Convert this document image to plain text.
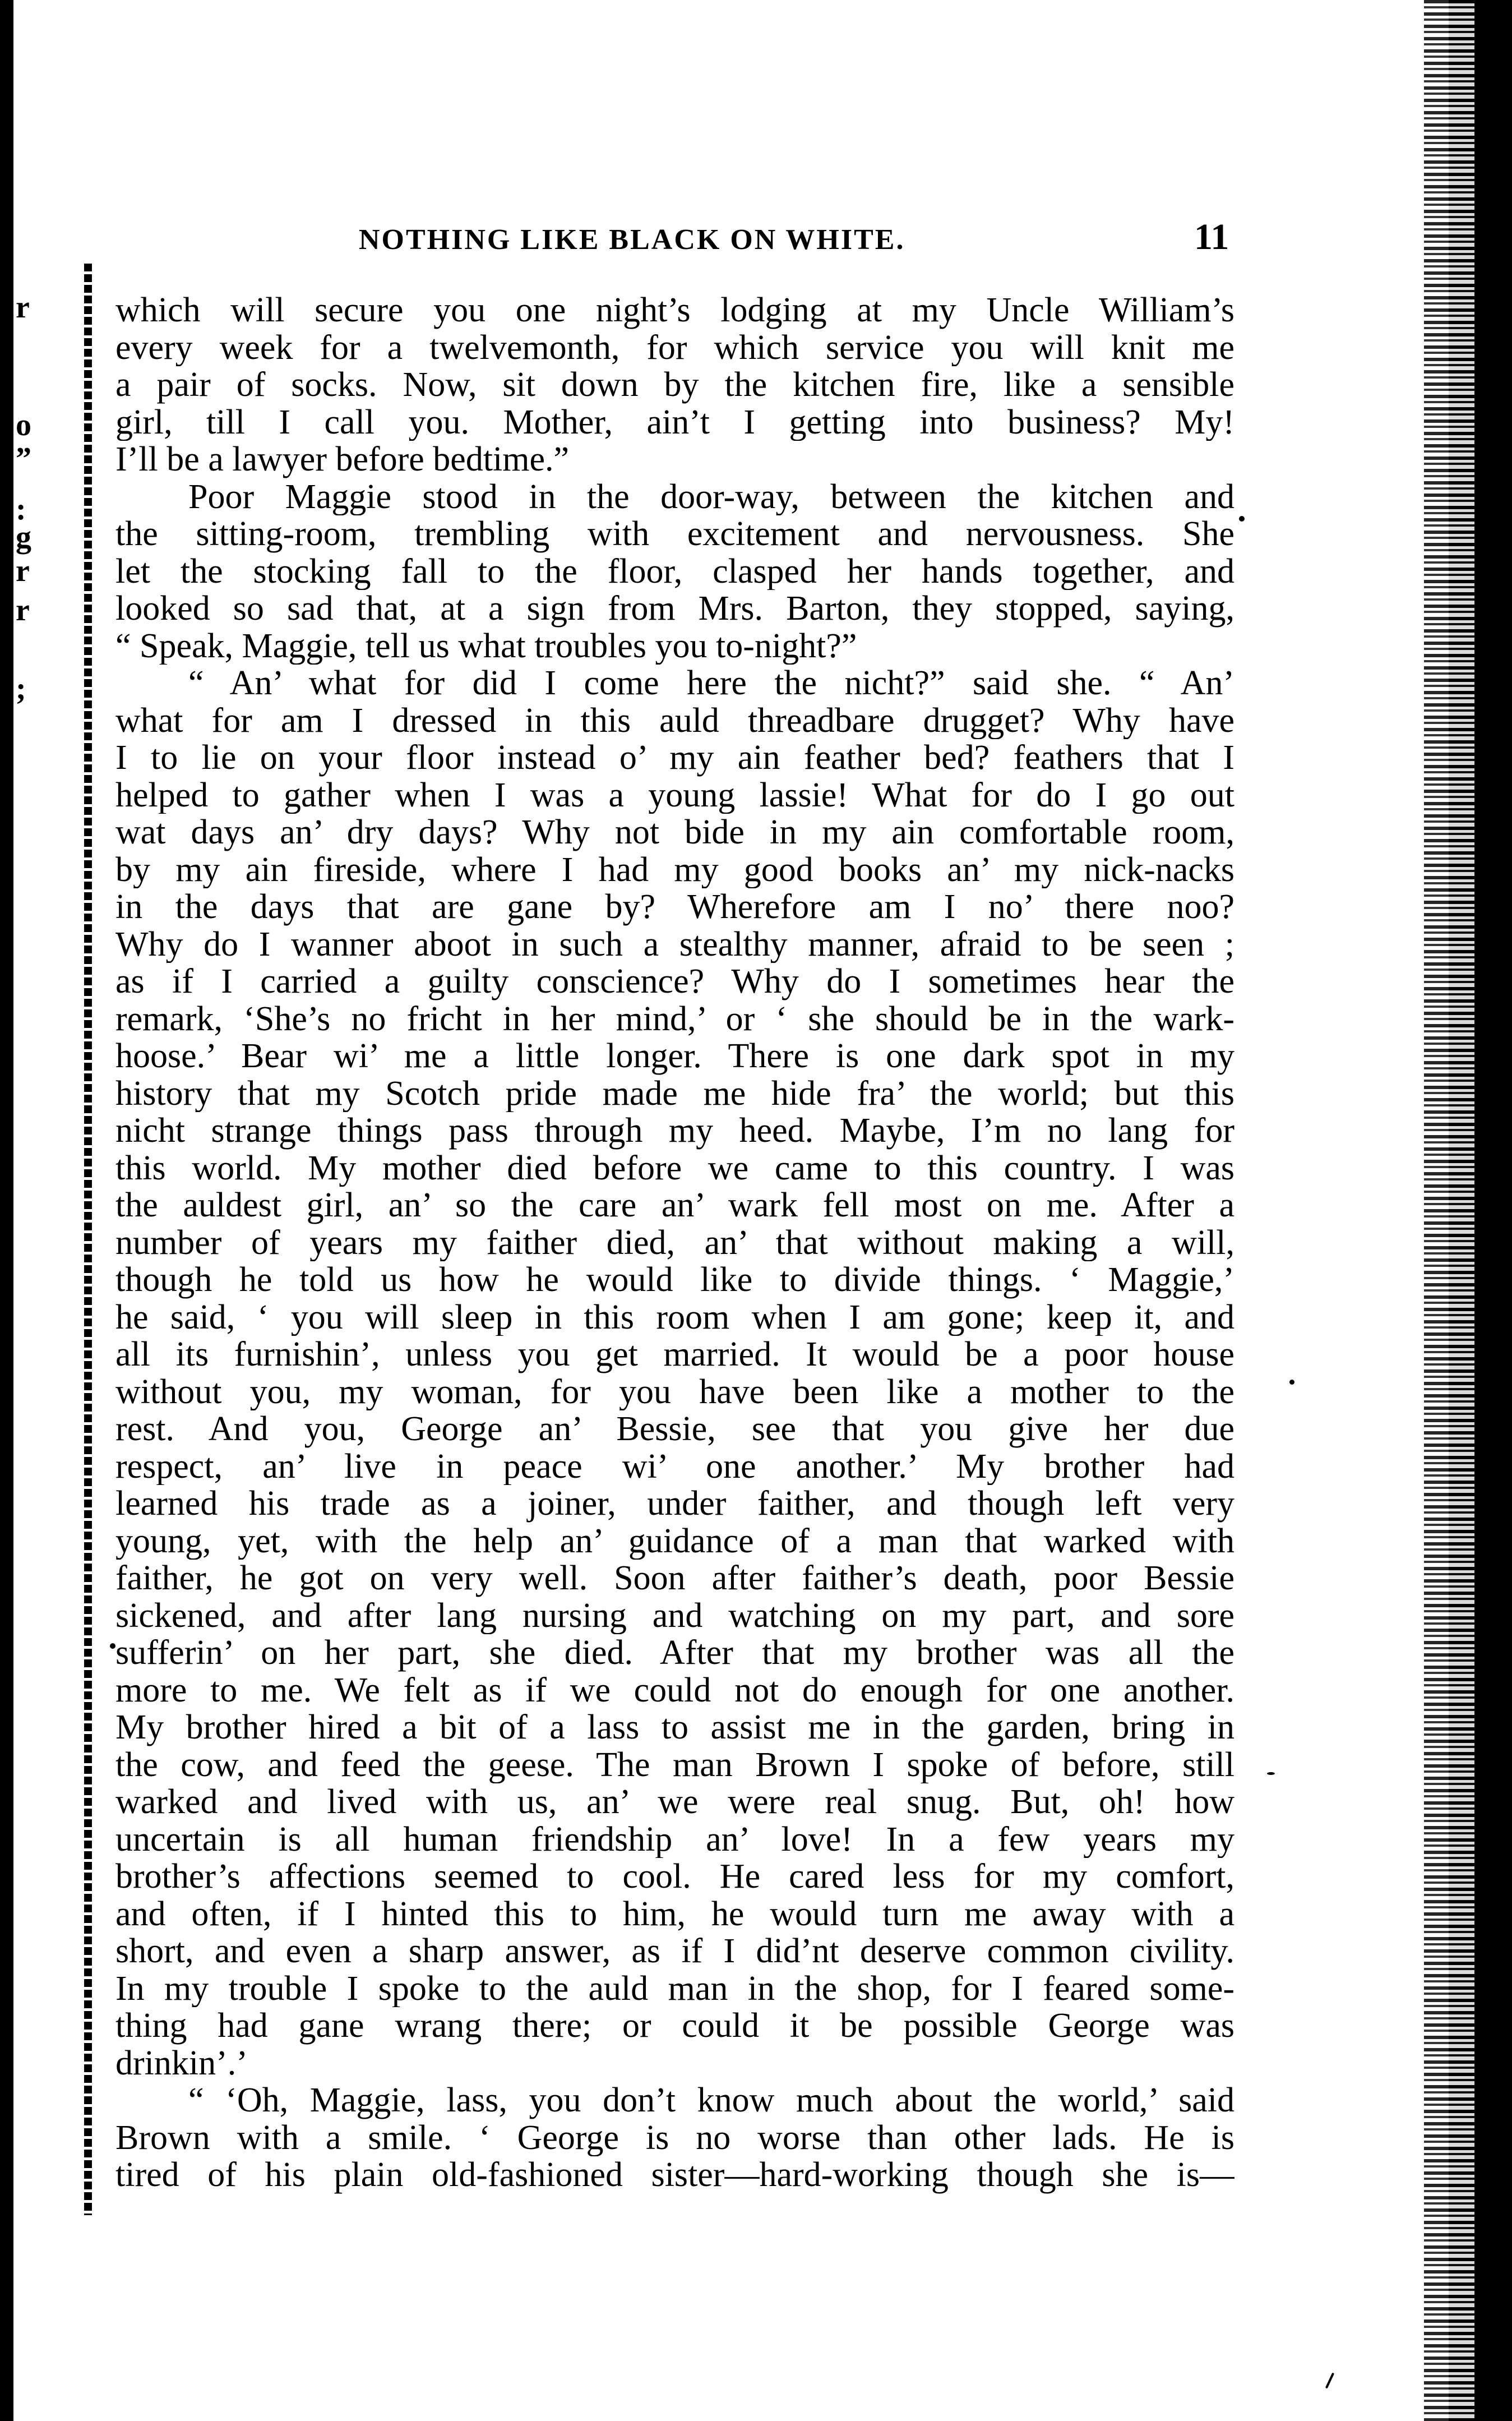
r
o
”
:
g
r
r
;
NOTHING LIKE BLACK ON WHITE.	11
which will secure you one night’s lodging at my Uncle William’s
every week for a twelvemonth, for which service you will knit me
a pair of socks. Now, sit down by the kitchen fire, like a sensible
girl, till I call you. Mother, ain’t I getting into business? My!
I’ll be a lawyer before bedtime.”
Poor Maggie stood in the door-way, between the kitchen and
the sitting-room, trembling with excitement and nervousness. She
let the stocking fall to the floor, clasped her hands together, and
looked so sad that, at a sign from Mrs. Barton, they stopped, saying,
“ Speak, Maggie, tell us what troubles you to-night?”
“ An’ what for did I come here the nicht?” said she. “ An’
what for am I dressed in this auld threadbare drugget? Why have
I to lie on your floor instead o’ my ain feather bed? feathers that I
helped to gather when I was a young lassie! What for do I go out
wat days an’ dry days? Why not bide in my ain comfortable room,
by my ain fireside, where I had my good books an’ my nick-nacks
in the days that are gane by? Wherefore am I no’ there noo?
Why do I wanner aboot in such a stealthy manner, afraid to be seen ;
as if I carried a guilty conscience? Why do I sometimes hear the
remark, ‘She’s no fricht in her mind,’ or ‘ she should be in the wark-
hoose.’ Bear wi’ me a little longer. There is one dark spot in my
history that my Scotch pride made me hide fra’ the world; but this
nicht strange things pass through my heed. Maybe, I’m no lang for
this world. My mother died before we came to this country. I was
the auldest girl, an’ so the care an’ wark fell most on me. After a
number of years my faither died, an’ that without making a will,
though he told us how he would like to divide things. ‘ Maggie,’
he said, ‘ you will sleep in this room when I am gone; keep it, and
all its furnishin’, unless you get married. It would be a poor house
without you, my woman, for you have been like a mother to the
rest. And you, George an’ Bessie, see that you give her due
respect, an’ live in peace wi’ one another.’ My brother had
learned his trade as a joiner, under faither, and though left very
young, yet, with the help an’ guidance of a man that warked with
faither, he got on very well. Soon after faither’s death, poor Bessie
sickened, and after lang nursing and watching on my part, and sore
sufferin’ on her part, she died. After that my brother was all the
more to me. We felt as if we could not do enough for one another.
My brother hired a bit of a lass to assist me in the garden, bring in
the cow, and feed the geese. The man Brown I spoke of before, still
warked and lived with us, an’ we were real snug. But, oh! how
uncertain is all human friendship an’ love! In a few years my
brother’s affections seemed to cool. He cared less for my comfort,
and often, if I hinted this to him, he would turn me away with a
short, and even a sharp answer, as if I did’nt deserve common civility.
In my trouble I spoke to the auld man in the shop, for I feared some-
thing had gane wrang there; or could it be possible George was
drinkin’.’
“ ‘Oh, Maggie, lass, you don’t know much about the world,’ said
Brown with a smile. ‘ George is no worse than other lads. He is
tired of his plain old-fashioned sister—hard-working though she is—
